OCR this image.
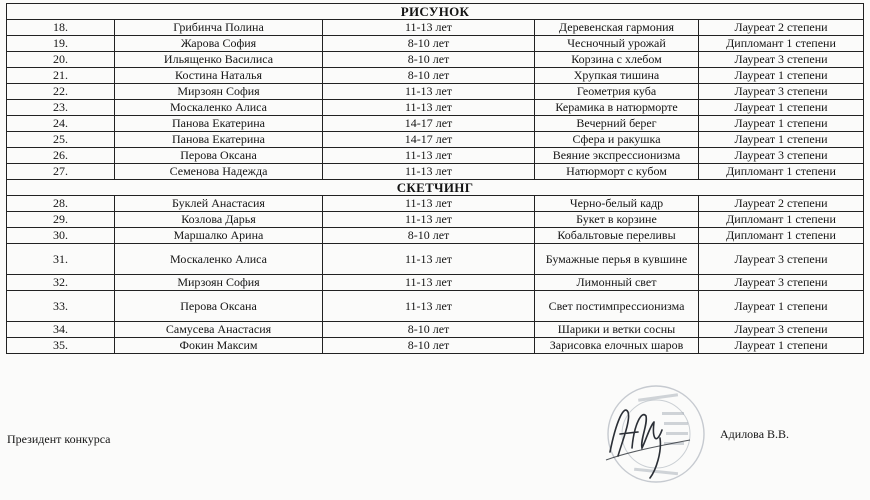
РИСУНОК				
18.	Грибинча Полина	11-13 лет	Деревенская гармония	Лауреат 2 степени
19.	Жарова София	8-10 лет	Чесночный урожай	Дипломант 1 степени
20.	Ильященко Василиса	8-10 лет	Корзина с хлебом	Лауреат 3 степени
21.	Костина Наталья	8-10 лет	Хрупкая тишина	Лауреат 1 степени
22.	Мирзоян София	11-13 лет	Геометрия куба	Лауреат 3 степени
23.	Москаленко Алиса	11-13 лет	Керамика в натюрморте	Лауреат 1 степени
24.	Панова Екатерина	14-17 лет	Вечерний берег	Лауреат 1 степени
25.	Панова Екатерина	14-17 лет	Сфера и ракушка	Лауреат 1 степени
26.	Перова Оксана	11-13 лет	Веяние экспрессионизма	Лауреат 3 степени
27.	Семенова Надежда	11-13 лет	Натюрморт с кубом	Дипломант 1 степени
СКЕТЧИНГ				
28.	Буклей Анастасия	11-13 лет	Черно-белый кадр	Лауреат 2 степени
29.	Козлова Дарья	11-13 лет	Букет в корзине	Дипломант 1 степени
30.	Маршалко Арина	8-10 лет	Кобальтовые переливы	Дипломант 1 степени
31.	Москаленко Алиса	11-13 лет	Бумажные перья в кувшине	Лауреат 3 степени
32.	Мирзоян София	11-13 лет	Лимонный свет	Лауреат 3 степени
33.	Перова Оксана	11-13 лет	Свет постимпрессионизма	Лауреат 1 степени
34.	Самусева Анастасия	8-10 лет	Шарики и ветки сосны	Лауреат 3 степени
35.	Фокин Максим	8-10 лет	Зарисовка елочных шаров	Лауреат 1 степени
Президент конкурса	Адилова В.В.
